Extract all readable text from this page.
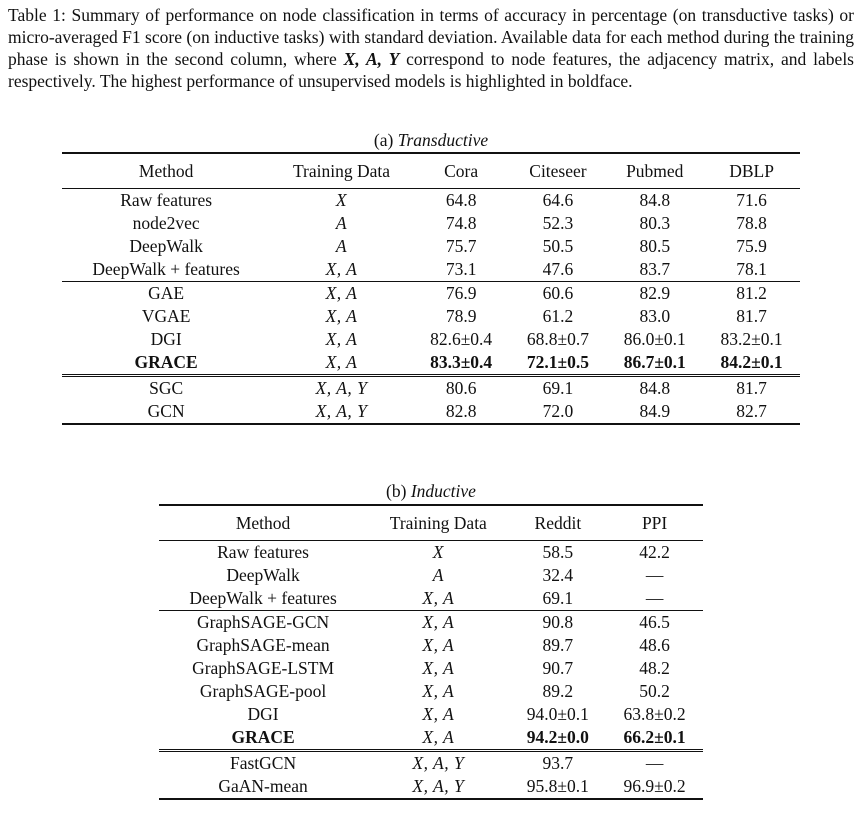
Table 1: Summary of performance on node classification in terms of accuracy in percentage (on transductive tasks) or micro-averaged F1 score (on inductive tasks) with standard deviation. Available data for each method during the training phase is shown in the second column, where X, A, Y correspond to node features, the adjacency matrix, and labels respectively. The highest performance of unsupervised models is highlighted in boldface.
(a) Transductive
Method	Training Data	Cora	Citeseer	Pubmed	DBLP
Raw features	X	64.8	64.6	84.8	71.6
node2vec	A	74.8	52.3	80.3	78.8
DeepWalk	A	75.7	50.5	80.5	75.9
DeepWalk + features	X, A	73.1	47.6	83.7	78.1
GAE	X, A	76.9	60.6	82.9	81.2
VGAE	X, A	78.9	61.2	83.0	81.7
DGI	X, A	82.6±0.4	68.8±0.7	86.0±0.1	83.2±0.1
GRACE	X, A	83.3±0.4	72.1±0.5	86.7±0.1	84.2±0.1
SGC	X, A, Y	80.6	69.1	84.8	81.7
GCN	X, A, Y	82.8	72.0	84.9	82.7
(b) Inductive
Method	Training Data	Reddit	PPI
Raw features	X	58.5	42.2
DeepWalk	A	32.4	—
DeepWalk + features	X, A	69.1	—
GraphSAGE-GCN	X, A	90.8	46.5
GraphSAGE-mean	X, A	89.7	48.6
GraphSAGE-LSTM	X, A	90.7	48.2
GraphSAGE-pool	X, A	89.2	50.2
DGI	X, A	94.0±0.1	63.8±0.2
GRACE	X, A	94.2±0.0	66.2±0.1
FastGCN	X, A, Y	93.7	—
GaAN-mean	X, A, Y	95.8±0.1	96.9±0.2
